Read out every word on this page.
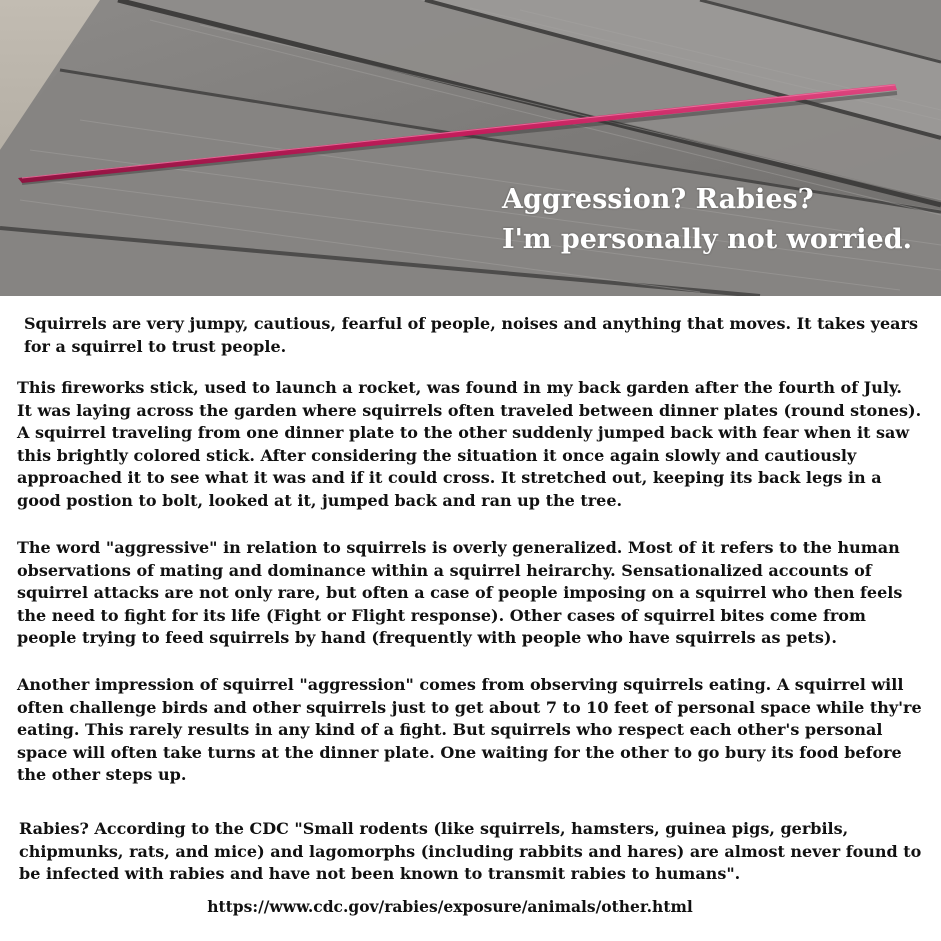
Aggression? Rabies?
I'm personally not worried.

Squirrels are very jumpy, cautious, fearful of people, noises and anything that moves. It takes years for a squirrel to trust people.

This fireworks stick, used to launch a rocket, was found in my back garden after the fourth of July. It was laying across the garden where squirrels often traveled between dinner plates (round stones). A squirrel traveling from one dinner plate to the other suddenly jumped back with fear when it saw this brightly colored stick. After considering the situation it once again slowly and cautiously approached it to see what it was and if it could cross. It stretched out, keeping its back legs in a good postion to bolt, looked at it, jumped back and ran up the tree.

The word "aggressive" in relation to squirrels is overly generalized. Most of it refers to the human observations of mating and dominance within a squirrel heirarchy. Sensationalized accounts of squirrel attacks are not only rare, but often a case of people imposing on a squirrel who then feels the need to fight for its life (Fight or Flight response). Other cases of squirrel bites come from people trying to feed squirrels by hand (frequently with people who have squirrels as pets).

Another impression of squirrel "aggression" comes from observing squirrels eating. A squirrel will often challenge birds and other squirrels just to get about 7 to 10 feet of personal space while thy're eating. This rarely results in any kind of a fight. But squirrels who respect each other's personal space will often take turns at the dinner plate. One waiting for the other to go bury its food before the other steps up.

Rabies? According to the CDC "Small rodents (like squirrels, hamsters, guinea pigs, gerbils, chipmunks, rats, and mice) and lagomorphs (including rabbits and hares) are almost never found to be infected with rabies and have not been known to transmit rabies to humans".

https://www.cdc.gov/rabies/exposure/animals/other.html
